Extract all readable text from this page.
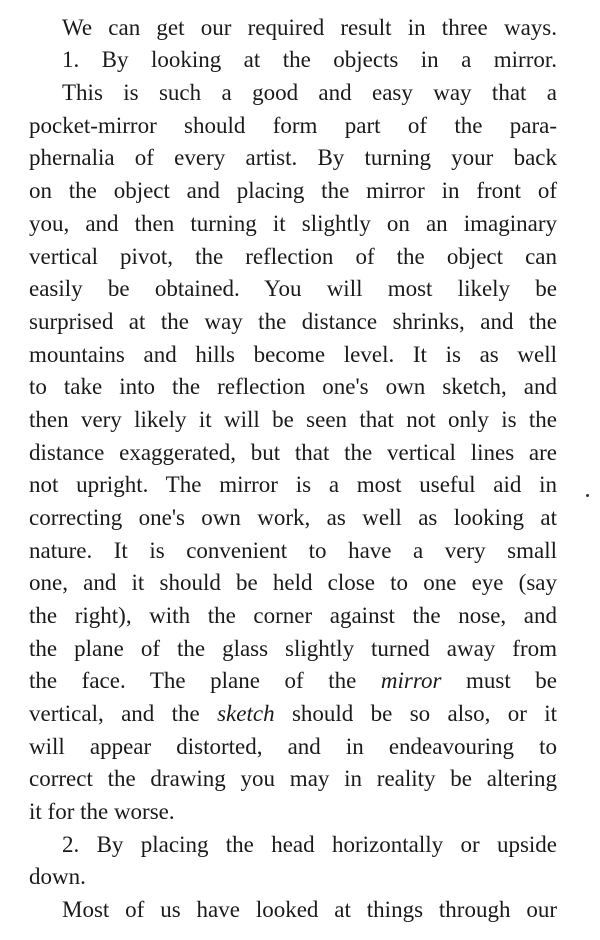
We can get our required result in three ways.
1. By looking at the objects in a mirror.
This is such a good and easy way that a
pocket-mirror should form part of the para-
phernalia of every artist. By turning your back
on the object and placing the mirror in front of
you, and then turning it slightly on an imaginary
vertical pivot, the reflection of the object can
easily be obtained. You will most likely be
surprised at the way the distance shrinks, and the
mountains and hills become level. It is as well
to take into the reflection one's own sketch, and
then very likely it will be seen that not only is the
distance exaggerated, but that the vertical lines are
not upright. The mirror is a most useful aid in
correcting one's own work, as well as looking at
nature. It is convenient to have a very small
one, and it should be held close to one eye (say
the right), with the corner against the nose, and
the plane of the glass slightly turned away from
the face. The plane of the mirror must be
vertical, and the sketch should be so also, or it
will appear distorted, and in endeavouring to
correct the drawing you may in reality be altering
it for the worse.
2. By placing the head horizontally or upside
down.
Most of us have looked at things through our
